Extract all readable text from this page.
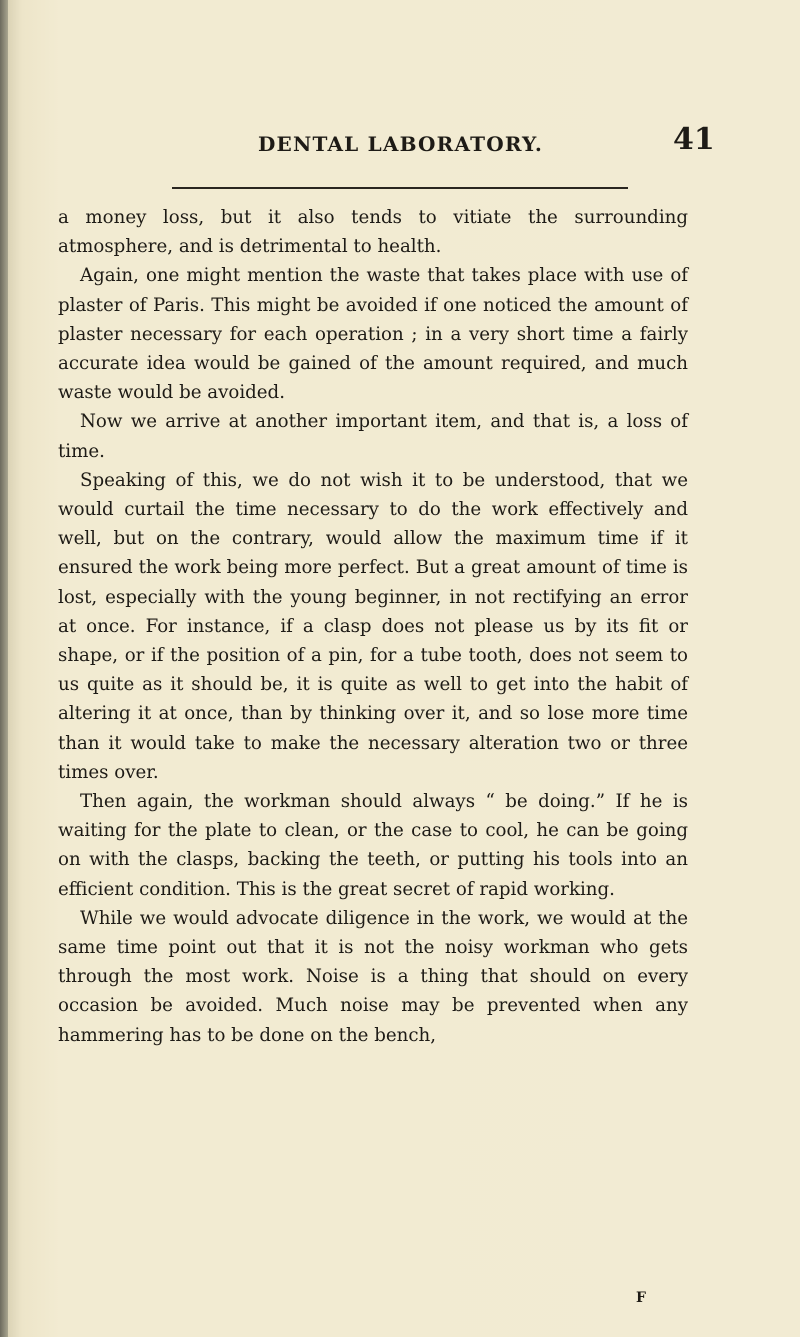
DENTAL LABORATORY.	41

a money loss, but it also tends to vitiate the surrounding atmosphere, and is detrimental to health.

Again, one might mention the waste that takes place with use of plaster of Paris. This might be avoided if one noticed the amount of plaster necessary for each operation ; in a very short time a fairly accurate idea would be gained of the amount required, and much waste would be avoided.

Now we arrive at another important item, and that is, a loss of time.

Speaking of this, we do not wish it to be understood, that we would curtail the time necessary to do the work effectively and well, but on the contrary, would allow the maximum time if it ensured the work being more perfect. But a great amount of time is lost, especially with the young beginner, in not rectifying an error at once. For instance, if a clasp does not please us by its fit or shape, or if the position of a pin, for a tube tooth, does not seem to us quite as it should be, it is quite as well to get into the habit of altering it at once, than by thinking over it, and so lose more time than it would take to make the necessary alteration two or three times over.

Then again, the workman should always “ be doing.” If he is waiting for the plate to clean, or the case to cool, he can be going on with the clasps, backing the teeth, or putting his tools into an efficient condition. This is the great secret of rapid working.

While we would advocate diligence in the work, we would at the same time point out that it is not the noisy workman who gets through the most work. Noise is a thing that should on every occasion be avoided. Much noise may be prevented when any hammering has to be done on the bench,

F
